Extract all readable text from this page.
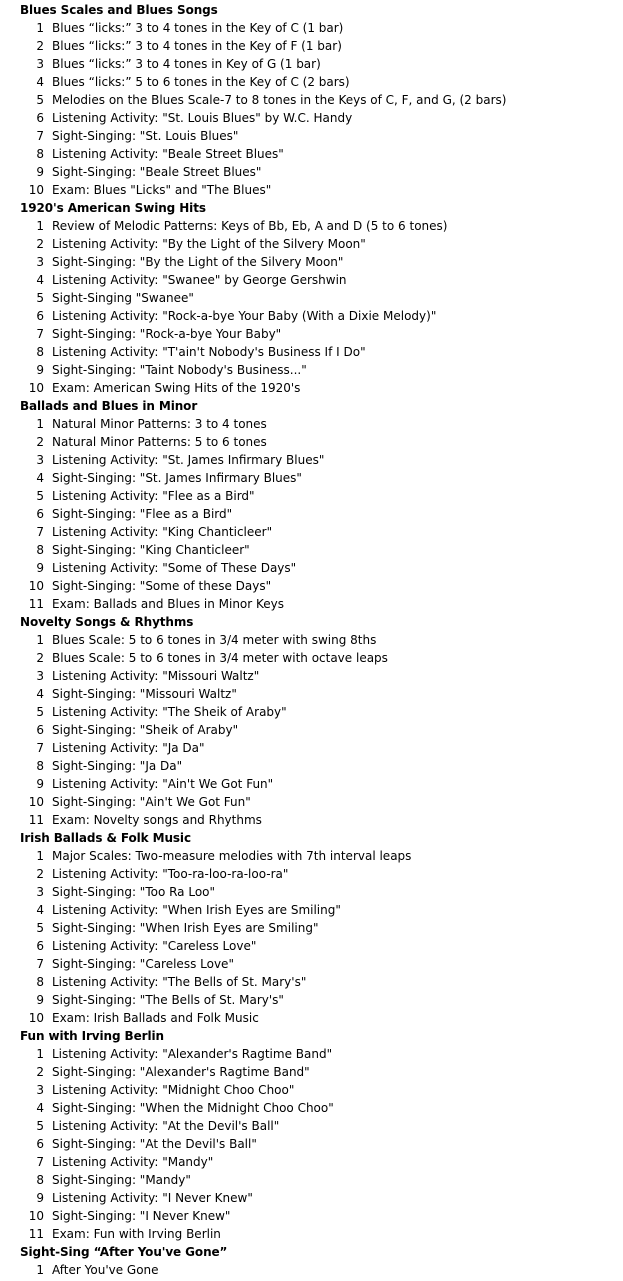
Blues Scales and Blues Songs
1 Blues “licks:” 3 to 4 tones in the Key of C (1 bar)
2 Blues “licks:” 3 to 4 tones in the Key of F (1 bar)
3 Blues “licks:” 3 to 4 tones in Key of G (1 bar)
4 Blues “licks:” 5 to 6 tones in the Key of C (2 bars)
5 Melodies on the Blues Scale-7 to 8 tones in the Keys of C, F, and G, (2 bars)
6 Listening Activity: "St. Louis Blues" by W.C. Handy
7 Sight-Singing: "St. Louis Blues"
8 Listening Activity: "Beale Street Blues"
9 Sight-Singing: "Beale Street Blues"
10 Exam: Blues "Licks" and "The Blues"
1920's American Swing Hits
1 Review of Melodic Patterns: Keys of Bb, Eb, A and D (5 to 6 tones)
2 Listening Activity: "By the Light of the Silvery Moon"
3 Sight-Singing: "By the Light of the Silvery Moon"
4 Listening Activity: "Swanee" by George Gershwin
5 Sight-Singing "Swanee"
6 Listening Activity: "Rock-a-bye Your Baby (With a Dixie Melody)"
7 Sight-Singing: "Rock-a-bye Your Baby"
8 Listening Activity: "T'ain't Nobody's Business If I Do"
9 Sight-Singing: "Taint Nobody's Business..."
10 Exam: American Swing Hits of the 1920's
Ballads and Blues in Minor
1 Natural Minor Patterns: 3 to 4 tones
2 Natural Minor Patterns: 5 to 6 tones
3 Listening Activity: "St. James Infirmary Blues"
4 Sight-Singing: "St. James Infirmary Blues"
5 Listening Activity: "Flee as a Bird"
6 Sight-Singing: "Flee as a Bird"
7 Listening Activity: "King Chanticleer"
8 Sight-Singing: "King Chanticleer"
9 Listening Activity: "Some of These Days"
10 Sight-Singing: "Some of these Days"
11 Exam: Ballads and Blues in Minor Keys
Novelty Songs & Rhythms
1 Blues Scale: 5 to 6 tones in 3/4 meter with swing 8ths
2 Blues Scale: 5 to 6 tones in 3/4 meter with octave leaps
3 Listening Activity: "Missouri Waltz"
4 Sight-Singing: "Missouri Waltz"
5 Listening Activity: "The Sheik of Araby"
6 Sight-Singing: "Sheik of Araby"
7 Listening Activity: "Ja Da"
8 Sight-Singing: "Ja Da"
9 Listening Activity: "Ain't We Got Fun"
10 Sight-Singing: "Ain't We Got Fun"
11 Exam: Novelty songs and Rhythms
Irish Ballads & Folk Music
1 Major Scales: Two-measure melodies with 7th interval leaps
2 Listening Activity: "Too-ra-loo-ra-loo-ra"
3 Sight-Singing: "Too Ra Loo"
4 Listening Activity: "When Irish Eyes are Smiling"
5 Sight-Singing: "When Irish Eyes are Smiling"
6 Listening Activity: "Careless Love"
7 Sight-Singing: "Careless Love"
8 Listening Activity: "The Bells of St. Mary's"
9 Sight-Singing: "The Bells of St. Mary's"
10 Exam: Irish Ballads and Folk Music
Fun with Irving Berlin
1 Listening Activity: "Alexander's Ragtime Band"
2 Sight-Singing: "Alexander's Ragtime Band"
3 Listening Activity: "Midnight Choo Choo"
4 Sight-Singing: "When the Midnight Choo Choo"
5 Listening Activity: "At the Devil's Ball"
6 Sight-Singing: "At the Devil's Ball"
7 Listening Activity: "Mandy"
8 Sight-Singing: "Mandy"
9 Listening Activity: "I Never Knew"
10 Sight-Singing: "I Never Knew"
11 Exam: Fun with Irving Berlin
Sight-Sing “After You've Gone”
1 After You've Gone
